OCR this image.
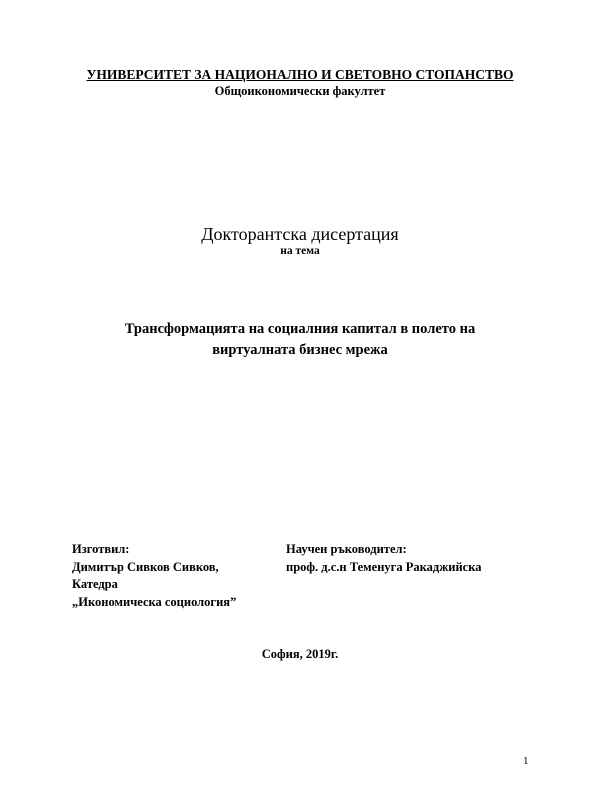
УНИВЕРСИТЕТ ЗА НАЦИОНАЛНО И СВЕТОВНО СТОПАНСТВО
Общоикономически факултет
Докторантска дисертация
на тема
Трансформацията на социалния капитал в полето на
виртуалната бизнес мрежа
Изготвил:
Димитър Сивков Сивков,
Катедра
„Икономическа социология”
Научен ръководител:
проф. д.с.н Теменуга Ракаджийска
София, 2019г.
1
